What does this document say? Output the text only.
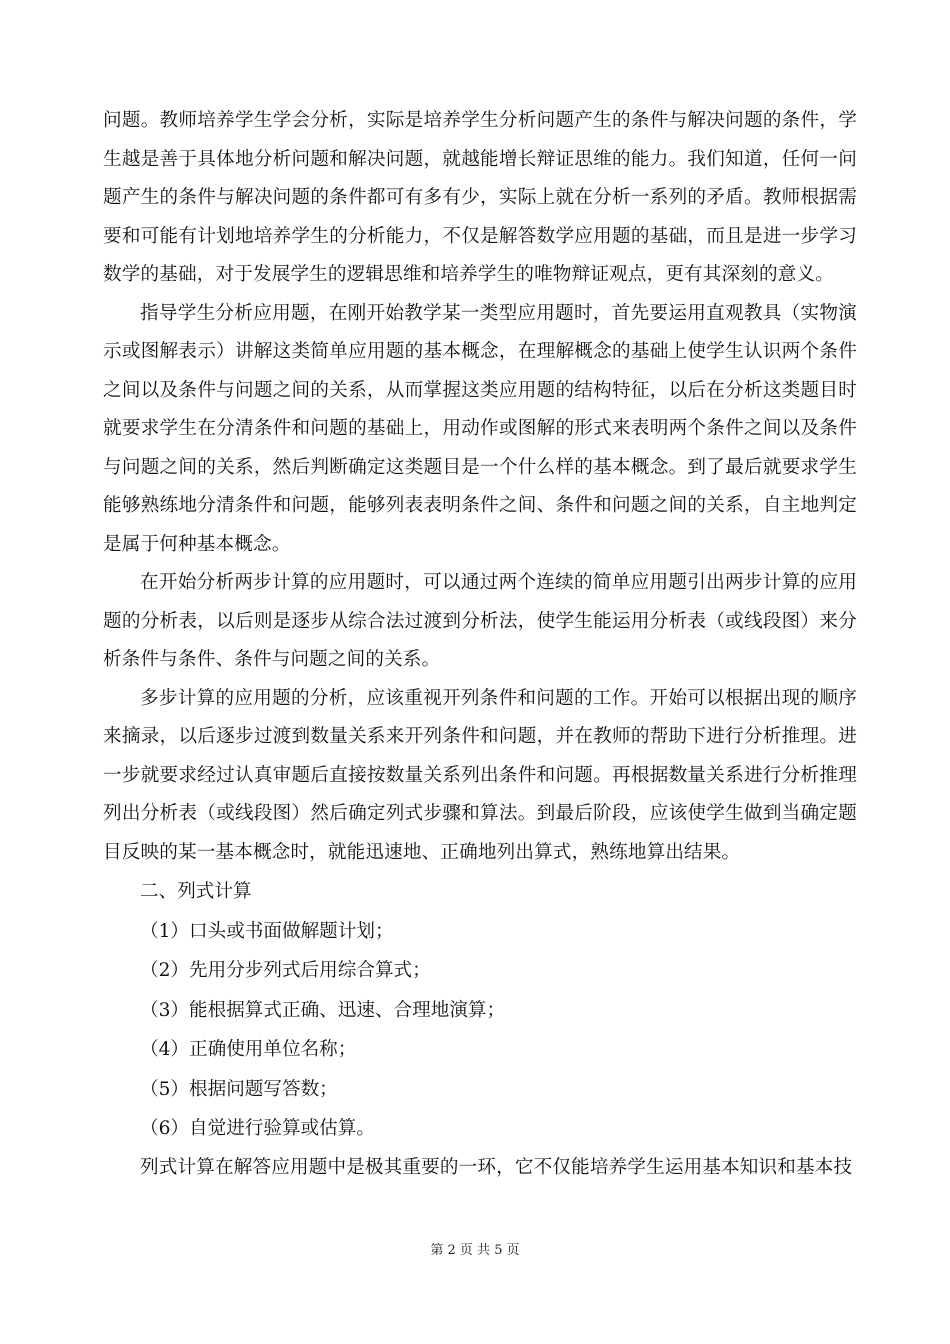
问题。教师培养学生学会分析，实际是培养学生分析问题产生的条件与解决问题的条件，学生越是善于具体地分析问题和解决问题，就越能增长辩证思维的能力。我们知道，任何一问题产生的条件与解决问题的条件都可有多有少，实际上就在分析一系列的矛盾。教师根据需要和可能有计划地培养学生的分析能力，不仅是解答数学应用题的基础，而且是进一步学习数学的基础，对于发展学生的逻辑思维和培养学生的唯物辩证观点，更有其深刻的意义。

指导学生分析应用题，在刚开始教学某一类型应用题时，首先要运用直观教具（实物演示或图解表示）讲解这类简单应用题的基本概念，在理解概念的基础上使学生认识两个条件之间以及条件与问题之间的关系，从而掌握这类应用题的结构特征，以后在分析这类题目时就要求学生在分清条件和问题的基础上，用动作或图解的形式来表明两个条件之间以及条件与问题之间的关系，然后判断确定这类题目是一个什么样的基本概念。到了最后就要求学生能够熟练地分清条件和问题，能够列表表明条件之间、条件和问题之间的关系，自主地判定是属于何种基本概念。

在开始分析两步计算的应用题时，可以通过两个连续的简单应用题引出两步计算的应用题的分析表，以后则是逐步从综合法过渡到分析法，使学生能运用分析表（或线段图）来分析条件与条件、条件与问题之间的关系。

多步计算的应用题的分析，应该重视开列条件和问题的工作。开始可以根据出现的顺序来摘录，以后逐步过渡到数量关系来开列条件和问题，并在教师的帮助下进行分析推理。进一步就要求经过认真审题后直接按数量关系列出条件和问题。再根据数量关系进行分析推理列出分析表（或线段图）然后确定列式步骤和算法。到最后阶段，应该使学生做到当确定题目反映的某一基本概念时，就能迅速地、正确地列出算式，熟练地算出结果。

二、列式计算

（1）口头或书面做解题计划；

（2）先用分步列式后用综合算式；

（3）能根据算式正确、迅速、合理地演算；

（4）正确使用单位名称；

（5）根据问题写答数；

（6）自觉进行验算或估算。

列式计算在解答应用题中是极其重要的一环，它不仅能培养学生运用基本知识和基本技

第 2 页 共 5 页
